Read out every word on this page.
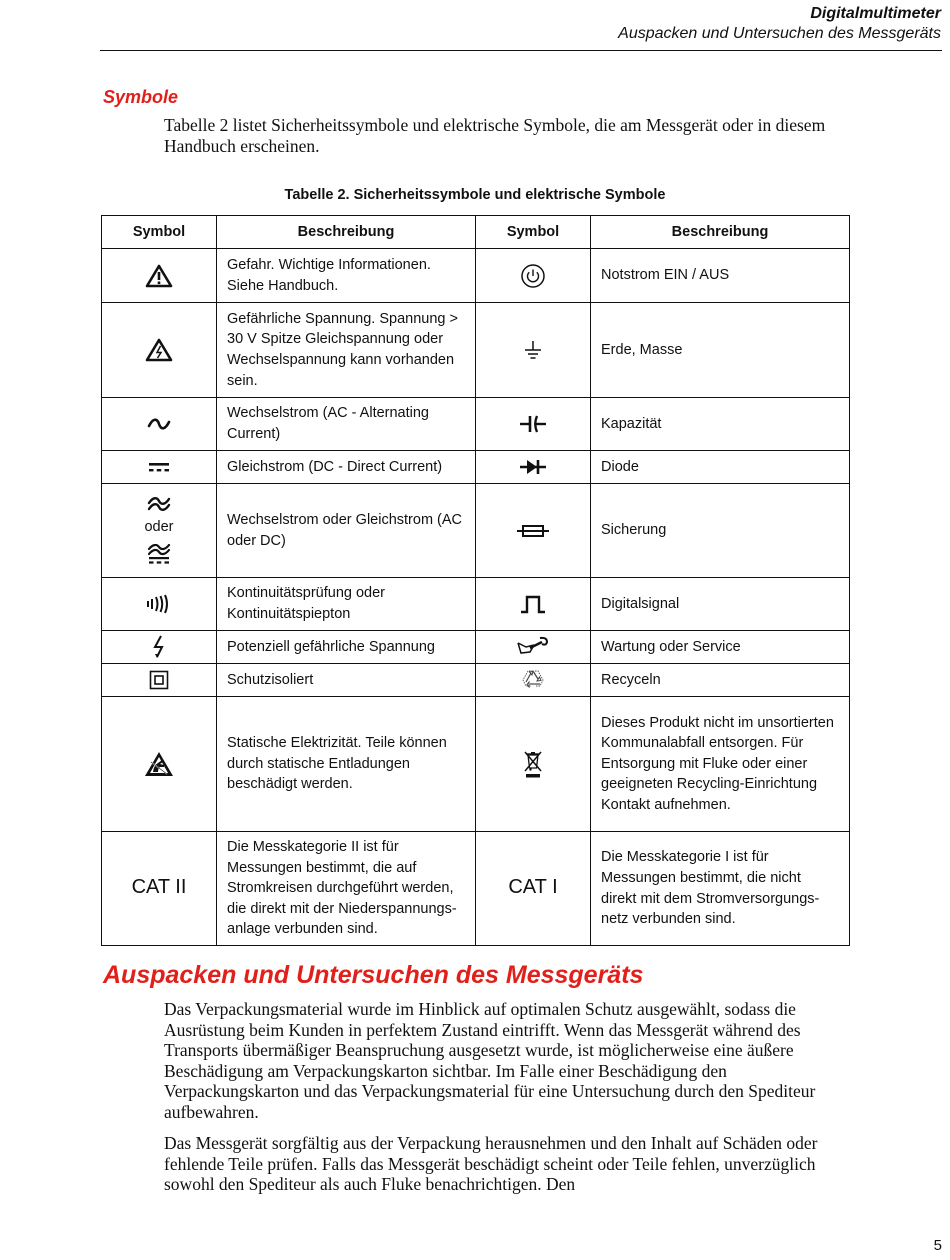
Digitalmultimeter
Auspacken und Untersuchen des Messgeräts
Symbole
Tabelle 2 listet Sicherheitssymbole und elektrische Symbole, die am Messgerät oder in diesem Handbuch erscheinen.
Tabelle 2. Sicherheitssymbole und elektrische Symbole
Symbol	Beschreibung	Symbol	Beschreibung

	Gefahr. Wichtige Informationen. Siehe Handbuch.		Notstrom EIN / AUS

	Gefährliche Spannung. Spannung > 30 V Spitze Gleichspannung oder Wechselspannung kann vorhanden sein.		Erde, Masse

	Wechselstrom (AC - Alternating Current)		Kapazität

	Gleichstrom (DC - Direct Current)		Diode

oder	Wechselstrom oder Gleichstrom (AC oder DC)		Sicherung

	Kontinuitätsprüfung oder Kontinuitätspiepton		Digitalsignal

	Potenziell gefährliche Spannung		Wartung oder Service

	Schutzisoliert		Recyceln

	Statische Elektrizität. Teile können durch statische Entladungen beschädigt werden.		Dieses Produkt nicht im unsortierten Kommunalabfall entsorgen. Für Entsorgung mit Fluke oder einer geeigneten Recycling-Einrichtung Kontakt aufnehmen.
CAT II	Die Messkategorie II ist für Messungen bestimmt, die auf Stromkreisen durchgeführt werden, die direkt mit der Niederspannungs-anlage verbunden sind.	CAT I	Die Messkategorie I ist für Messungen bestimmt, die nicht direkt mit dem Stromversorgungs-netz verbunden sind.
Auspacken und Untersuchen des Messgeräts
Das Verpackungsmaterial wurde im Hinblick auf optimalen Schutz ausgewählt, sodass die Ausrüstung beim Kunden in perfektem Zustand eintrifft. Wenn das Messgerät während des Transports übermäßiger Beanspruchung ausgesetzt wurde, ist möglicherweise eine äußere Beschädigung am Verpackungskarton sichtbar. Im Falle einer Beschädigung den Verpackungskarton und das Verpackungsmaterial für eine Untersuchung durch den Spediteur aufbewahren.
Das Messgerät sorgfältig aus der Verpackung herausnehmen und den Inhalt auf Schäden oder fehlende Teile prüfen. Falls das Messgerät beschädigt scheint oder Teile fehlen, unverzüglich sowohl den Spediteur als auch Fluke benachrichtigen. Den
5
